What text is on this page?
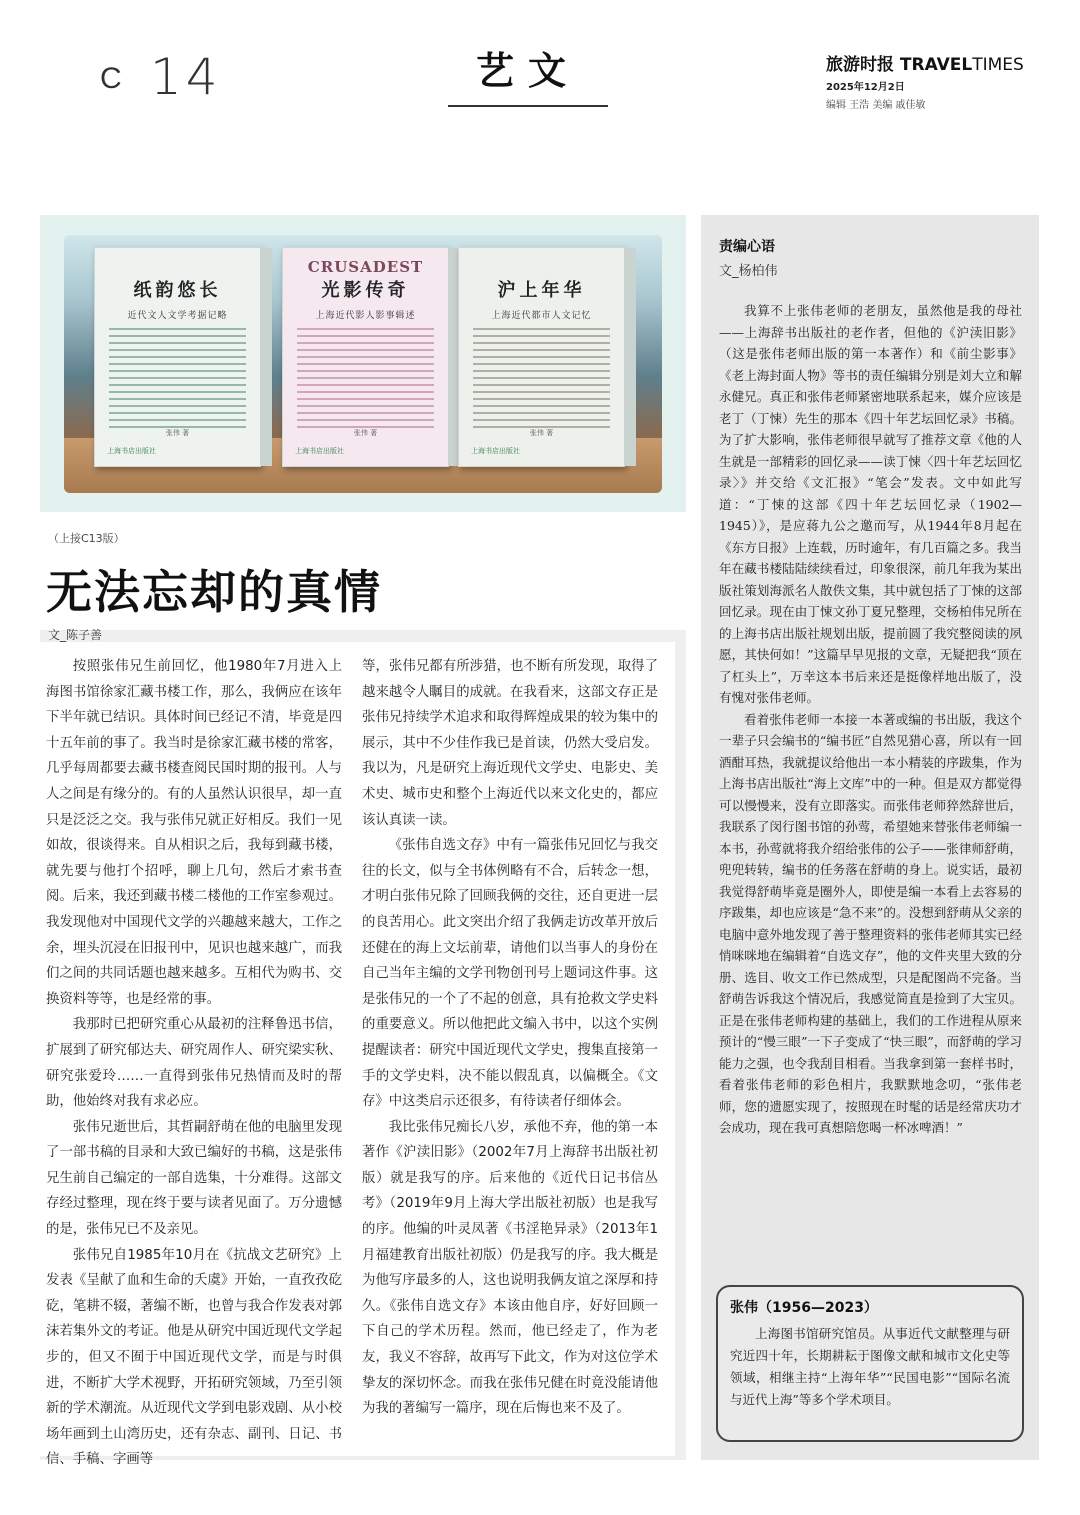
C 14	艺文	旅游时报 TRAVELTIMES
2025年12月2日
编辑 王浩 美编 戚佳敏
纸韵悠长
近代文人文学考据记略
张伟 著
上海书店出版社
CRUSADEST
光影传奇
上海近代影人影事辑述
张伟 著
上海书店出版社
沪上年华
上海近代都市人文记忆
张伟 著
上海书店出版社
（上接C13版）
无法忘却的真情
文_陈子善

按照张伟兄生前回忆，他1980年7月进入上海图书馆徐家汇藏书楼工作，那么，我俩应在该年下半年就已结识。具体时间已经记不清，毕竟是四十五年前的事了。我当时是徐家汇藏书楼的常客，几乎每周都要去藏书楼查阅民国时期的报刊。人与人之间是有缘分的。有的人虽然认识很早，却一直只是泛泛之交。我与张伟兄就正好相反。我们一见如故，很谈得来。自从相识之后，我每到藏书楼，就先要与他打个招呼，聊上几句，然后才索书查阅。后来，我还到藏书楼二楼他的工作室参观过。我发现他对中国现代文学的兴趣越来越大，工作之余，埋头沉浸在旧报刊中，见识也越来越广，而我们之间的共同话题也越来越多。互相代为购书、交换资料等等，也是经常的事。

我那时已把研究重心从最初的注释鲁迅书信，扩展到了研究郁达夫、研究周作人、研究梁实秋、研究张爱玲……一直得到张伟兄热情而及时的帮助，他始终对我有求必应。

张伟兄逝世后，其哲嗣舒萌在他的电脑里发现了一部书稿的目录和大致已编好的书稿，这是张伟兄生前自己编定的一部自选集，十分难得。这部文存经过整理，现在终于要与读者见面了。万分遗憾的是，张伟兄已不及亲见。

张伟兄自1985年10月在《抗战文艺研究》上发表《呈献了血和生命的夭虞》开始，一直孜孜矻矻，笔耕不辍，著编不断，也曾与我合作发表对郭沫若集外文的考证。他是从研究中国近现代文学起步的，但又不囿于中国近现代文学，而是与时俱进，不断扩大学术视野，开拓研究领域，乃至引领新的学术潮流。从近现代文学到电影戏剧、从小校场年画到土山湾历史，还有杂志、副刊、日记、书信、手稿、字画等

等，张伟兄都有所涉猎，也不断有所发现，取得了越来越令人瞩目的成就。在我看来，这部文存正是张伟兄持续学术追求和取得辉煌成果的较为集中的展示，其中不少佳作我已是首读，仍然大受启发。我以为，凡是研究上海近现代文学史、电影史、美术史、城市史和整个上海近代以来文化史的，都应该认真读一读。

《张伟自选文存》中有一篇张伟兄回忆与我交往的长文，似与全书体例略有不合，后转念一想，才明白张伟兄除了回顾我俩的交往，还自更进一层的良苦用心。此文突出介绍了我俩走访改革开放后还健在的海上文坛前辈，请他们以当事人的身份在自己当年主编的文学刊物创刊号上题词这件事。这是张伟兄的一个了不起的创意，具有抢救文学史料的重要意义。所以他把此文编入书中，以这个实例提醒读者：研究中国近现代文学史，搜集直接第一手的文学史料，决不能以假乱真，以偏概全。《文存》中这类启示还很多，有待读者仔细体会。

我比张伟兄痴长八岁，承他不弃，他的第一本著作《沪渎旧影》（2002年7月上海辞书出版社初版）就是我写的序。后来他的《近代日记书信丛考》（2019年9月上海大学出版社初版）也是我写的序。他编的叶灵凤著《书淫艳异录》（2013年1月福建教育出版社初版）仍是我写的序。我大概是为他写序最多的人，这也说明我俩友谊之深厚和持久。《张伟自选文存》本该由他自序，好好回顾一下自己的学术历程。然而，他已经走了，作为老友，我义不容辞，故再写下此文，作为对这位学术挚友的深切怀念。而我在张伟兄健在时竟没能请他为我的著编写一篇序，现在后悔也来不及了。

责编心语
文_杨柏伟

我算不上张伟老师的老朋友，虽然他是我的母社——上海辞书出版社的老作者，但他的《沪渎旧影》（这是张伟老师出版的第一本著作）和《前尘影事》《老上海封面人物》等书的责任编辑分别是刘大立和解永健兄。真正和张伟老师紧密地联系起来，媒介应该是老丁（丁悚）先生的那本《四十年艺坛回忆录》书稿。为了扩大影响，张伟老师很早就写了推荐文章《他的人生就是一部精彩的回忆录——读丁悚〈四十年艺坛回忆录〉》并交给《文汇报》“笔会”发表。文中如此写道：“丁悚的这部《四十年艺坛回忆录（1902—1945）》，是应蒋九公之邀而写，从1944年8月起在《东方日报》上连载，历时逾年，有几百篇之多。我当年在藏书楼陆陆续续看过，印象很深，前几年我为某出版社策划海派名人散佚文集，其中就包括了丁悚的这部回忆录。现在由丁悚文孙丁夏兄整理，交杨柏伟兄所在的上海书店出版社规划出版，提前圆了我究整阅读的夙愿，其快何如！”这篇早早见报的文章，无疑把我“顶在了杠头上”，万幸这本书后来还是挺像样地出版了，没有愧对张伟老师。

看着张伟老师一本接一本著或编的书出版，我这个一辈子只会编书的“编书匠”自然见猎心喜，所以有一回酒酣耳热，我就提议给他出一本小精装的序跋集，作为上海书店出版社“海上文库”中的一种。但是双方都觉得可以慢慢来，没有立即落实。而张伟老师猝然辞世后，我联系了闵行图书馆的孙莺，希望她来替张伟老师编一本书，孙莺就将我介绍给张伟的公子——张律师舒萌，兜兜转转，编书的任务落在舒萌的身上。说实话，最初我觉得舒萌毕竟是圈外人，即使是编一本看上去容易的序跋集，却也应该是“急不来”的。没想到舒萌从父亲的电脑中意外地发现了善于整理资料的张伟老师其实已经悄咪咪地在编辑着“自选文存”，他的文件夹里大致的分册、选目、收文工作已然成型，只是配图尚不完备。当舒萌告诉我这个情况后，我感觉简直是捡到了大宝贝。正是在张伟老师构建的基础上，我们的工作进程从原来预计的“慢三眼”一下子变成了“快三眼”，而舒萌的学习能力之强，也令我刮目相看。当我拿到第一套样书时，看着张伟老师的彩色相片，我默默地念叨，“张伟老师，您的遗愿实现了，按照现在时髦的话是经常庆功才会成功，现在我可真想陪您喝一杯冰啤酒！”

张伟（1956—2023）
上海图书馆研究馆员。从事近代文献整理与研究近四十年，长期耕耘于图像文献和城市文化史等领域，相继主持“上海年华”“民国电影”“国际名流与近代上海”等多个学术项目。
